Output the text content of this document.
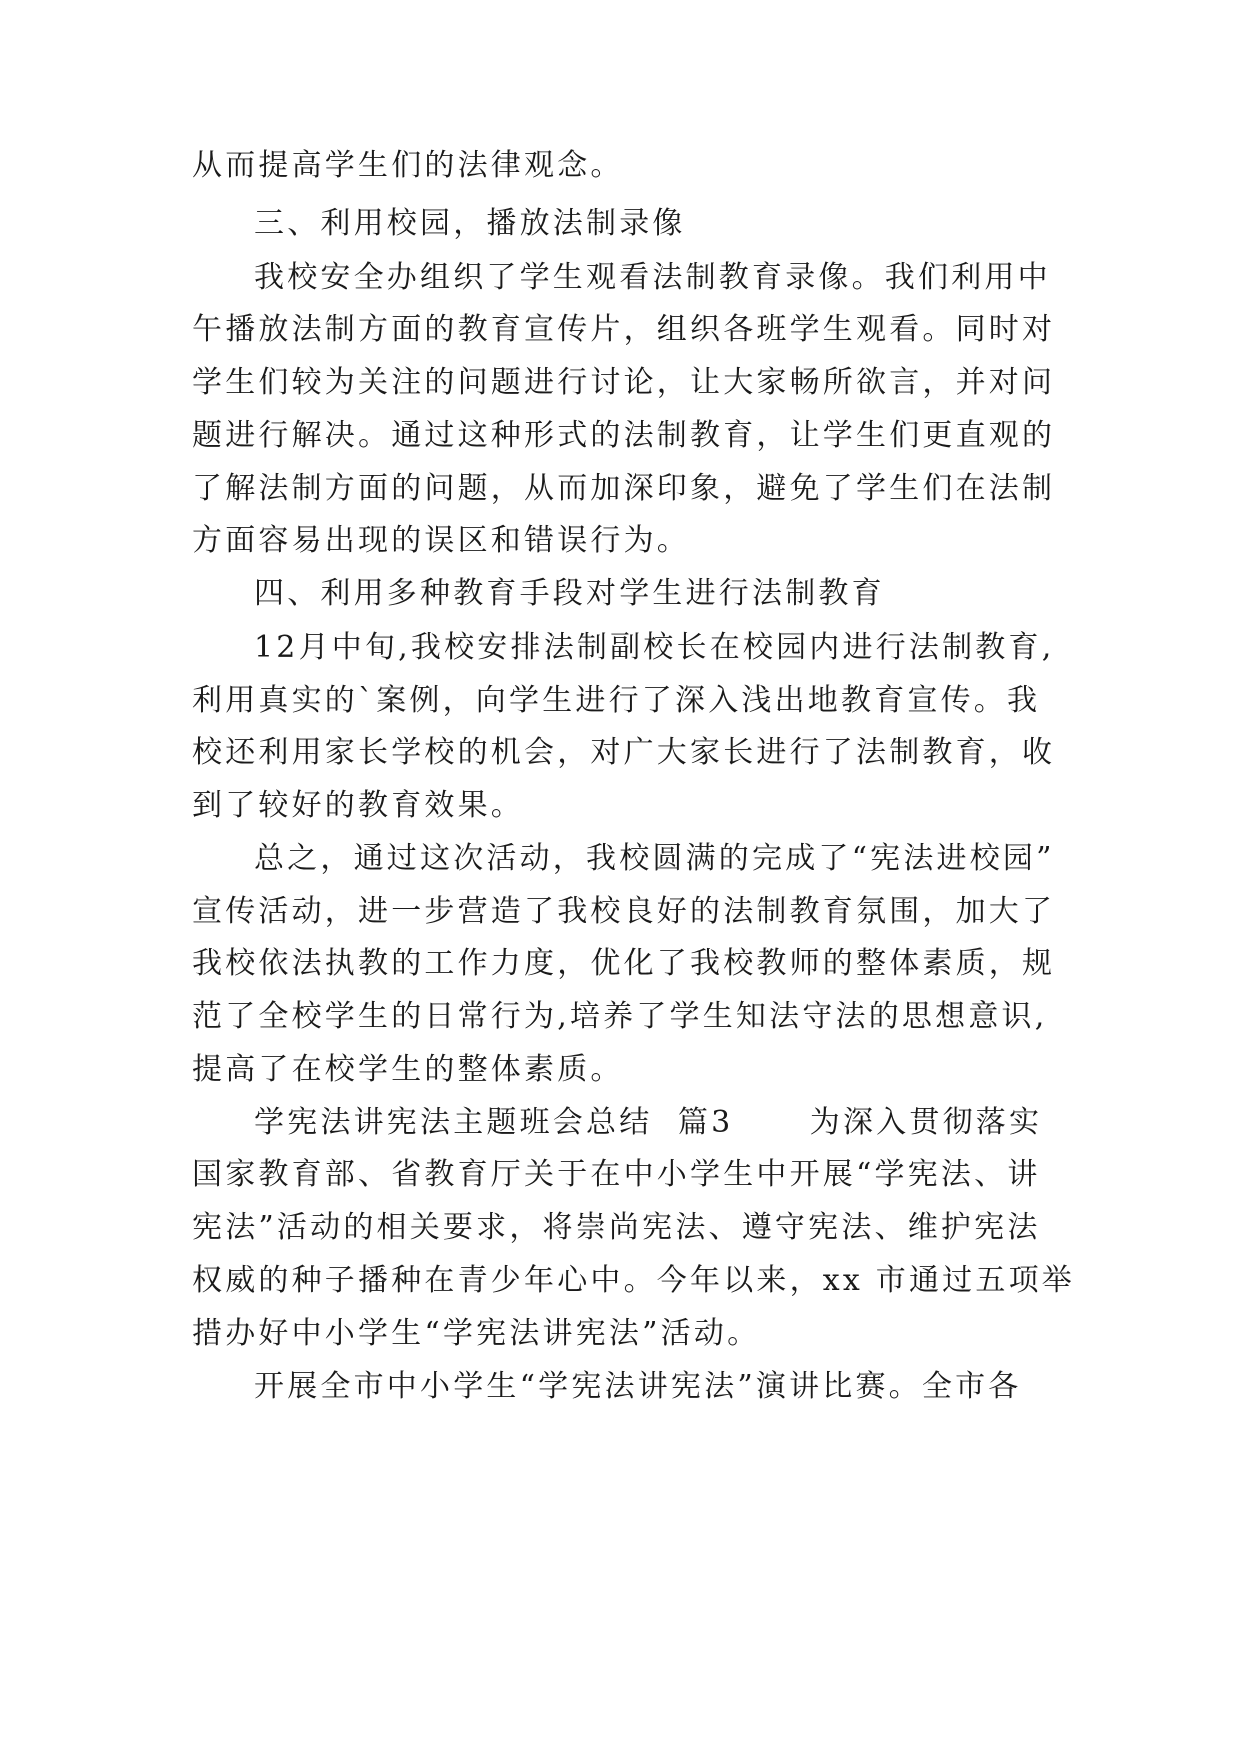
从而提高学生们的法律观念。
三、利用校园，播放法制录像
我校安全办组织了学生观看法制教育录像。我们利用中
午播放法制方面的教育宣传片，组织各班学生观看。同时对
学生们较为关注的问题进行讨论，让大家畅所欲言，并对问
题进行解决。通过这种形式的法制教育，让学生们更直观的
了解法制方面的问题，从而加深印象，避免了学生们在法制
方面容易出现的误区和错误行为。
四、利用多种教育手段对学生进行法制教育
12月中旬,我校安排法制副校长在校园内进行法制教育,
利用真实的`案例，向学生进行了深入浅出地教育宣传。我
校还利用家长学校的机会，对广大家长进行了法制教育，收
到了较好的教育效果。
总之，通过这次活动，我校圆满的完成了“宪法进校园”
宣传活动，进一步营造了我校良好的法制教育氛围，加大了
我校依法执教的工作力度，优化了我校教师的整体素质，规
范了全校学生的日常行为,培养了学生知法守法的思想意识,
提高了在校学生的整体素质。
学宪法讲宪法主题班会总结  篇3      为深入贯彻落实
国家教育部、省教育厅关于在中小学生中开展“学宪法、讲
宪法”活动的相关要求，将崇尚宪法、遵守宪法、维护宪法
权威的种子播种在青少年心中。今年以来，xx 市通过五项举
措办好中小学生“学宪法讲宪法”活动。
开展全市中小学生“学宪法讲宪法”演讲比赛。全市各
